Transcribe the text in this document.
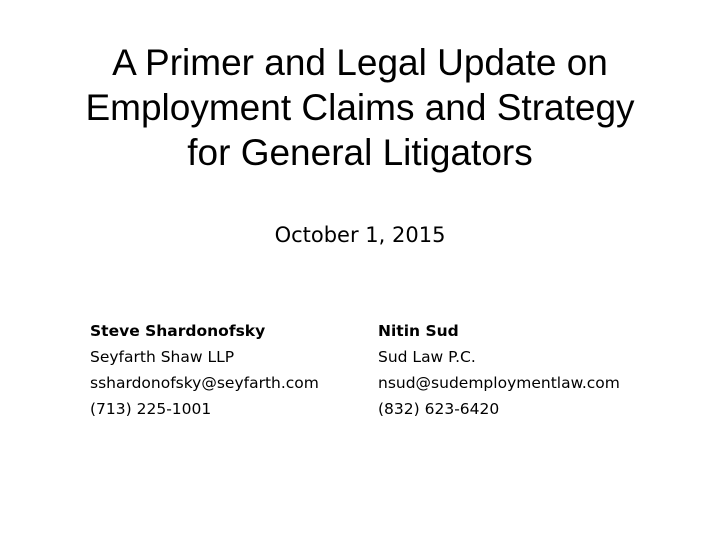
A Primer and Legal Update on
Employment Claims and Strategy
for General Litigators
October 1, 2015
Steve Shardonofsky
Seyfarth Shaw LLP
sshardonofsky@seyfarth.com
(713) 225-1001
Nitin Sud
Sud Law P.C.
nsud@sudemploymentlaw.com
(832) 623-6420
